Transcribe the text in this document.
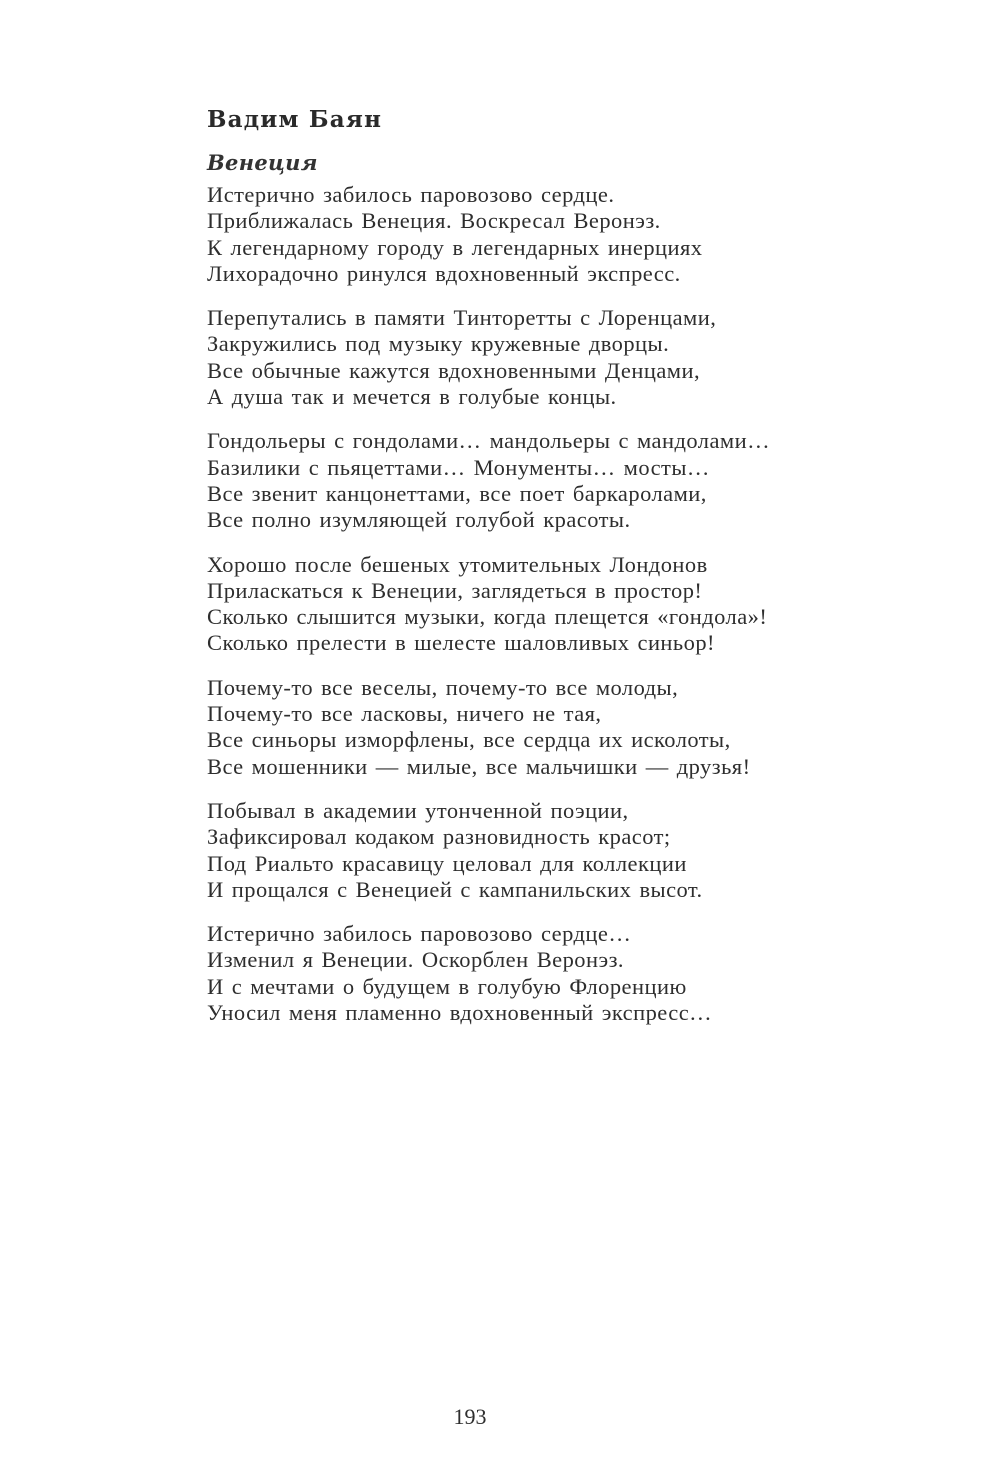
Вадим Баян
Венеция

Истерично забилось паровозово сердце.
Приближалась Венеция. Воскресал Веронэз.
К легендарному городу в легендарных инерциях
Лихорадочно ринулся вдохновенный экспресс.

Перепутались в памяти Тинторетты с Лоренцами,
Закружились под музыку кружевные дворцы.
Все обычные кажутся вдохновенными Денцами,
А душа так и мечется в голубые концы.

Гондольеры с гондолами… мандольеры с мандолами…
Базилики с пьяцеттами… Монументы… мосты…
Все звенит канцонеттами, все поет баркаролами,
Все полно изумляющей голубой красоты.

Хорошо после бешеных утомительных Лондонов
Приласкаться к Венеции, заглядеться в простор!
Сколько слышится музыки, когда плещется «гондола»!
Сколько прелести в шелесте шаловливых синьор!

Почему-то все веселы, почему-то все молоды,
Почему-то все ласковы, ничего не тая,
Все синьоры изморфлены, все сердца их исколоты,
Все мошенники — милые, все мальчишки — друзья!

Побывал в академии утонченной поэции,
Зафиксировал кодаком разновидность красот;
Под Риальто красавицу целовал для коллекции
И прощался с Венецией с кампанильских высот.

Истерично забилось паровозово сердце…
Изменил я Венеции. Оскорблен Веронэз.
И с мечтами о будущем в голубую Флоренцию
Уносил меня пламенно вдохновенный экспресс…

193
